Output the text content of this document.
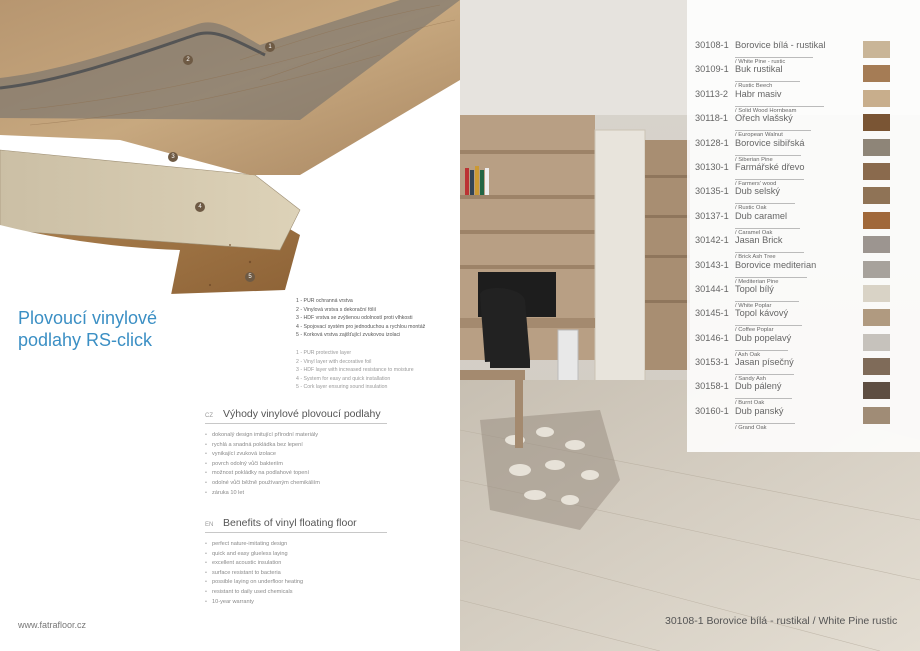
1
2
3
4
5
Plovoucí vinylové
podlahy RS-click
1 - PUR ochranná vrstva
2 - Vinylová vrstva s dekorační fólií
3 - HDF vrstva se zvýšenou odolností proti vlhkosti
4 - Spojovací systém pro jednoduchou a rychlou montáž
5 - Korková vrstva zajišťující zvukovou izolaci
1 - PUR protective layer
2 - Vinyl layer with decorative foil
3 - HDF layer with increased resistance to moisture
4 - System for easy and quick installation
5 - Cork layer ensuring sound insulation
CZ Výhody vinylové plovoucí podlahy
• dokonalý design imitující přírodní materiály
• rychlá a snadná pokládka bez lepení
• vynikající zvuková izolace
• povrch odolný vůči bakteriím
• možnost pokládky na podlahové topení
• odolné vůči běžně používaným chemikáliím
• záruka 10 let
EN Benefits of vinyl floating floor
• perfect nature-imitating design
• quick and easy glueless laying
• excellent acoustic insulation
• surface resistant to bacteria
• possible laying on underfloor heating
• resistant to daily used chemicals
• 10-year warranty
www.fatrafloor.cz
30108-1 Borovice bílá - rustikal
/ White Pine - rustic
30109-1 Buk rustikal
/ Rustic Beech
30113-2 Habr masiv
/ Solid Wood Hornbeam
30118-1 Ořech vlašský
/ European Walnut
30128-1 Borovice sibiřská
/ Siberian Pine
30130-1 Farmářské dřevo
/ Farmers' wood
30135-1 Dub selský
/ Rustic Oak
30137-1 Dub caramel
/ Caramel Oak
30142-1 Jasan Brick
/ Brick Ash Tree
30143-1 Borovice mediterian
/ Mediterian Pine
30144-1 Topol bílý
/ White Poplar
30145-1 Topol kávový
/ Coffee Poplar
30146-1 Dub popelavý
/ Ash Oak
30153-1 Jasan písečný
/ Sandy Ash
30158-1 Dub pálený
/ Burnt Oak
30160-1 Dub panský
/ Grand Oak
30108-1 Borovice bílá - rustikal / White Pine rustic
